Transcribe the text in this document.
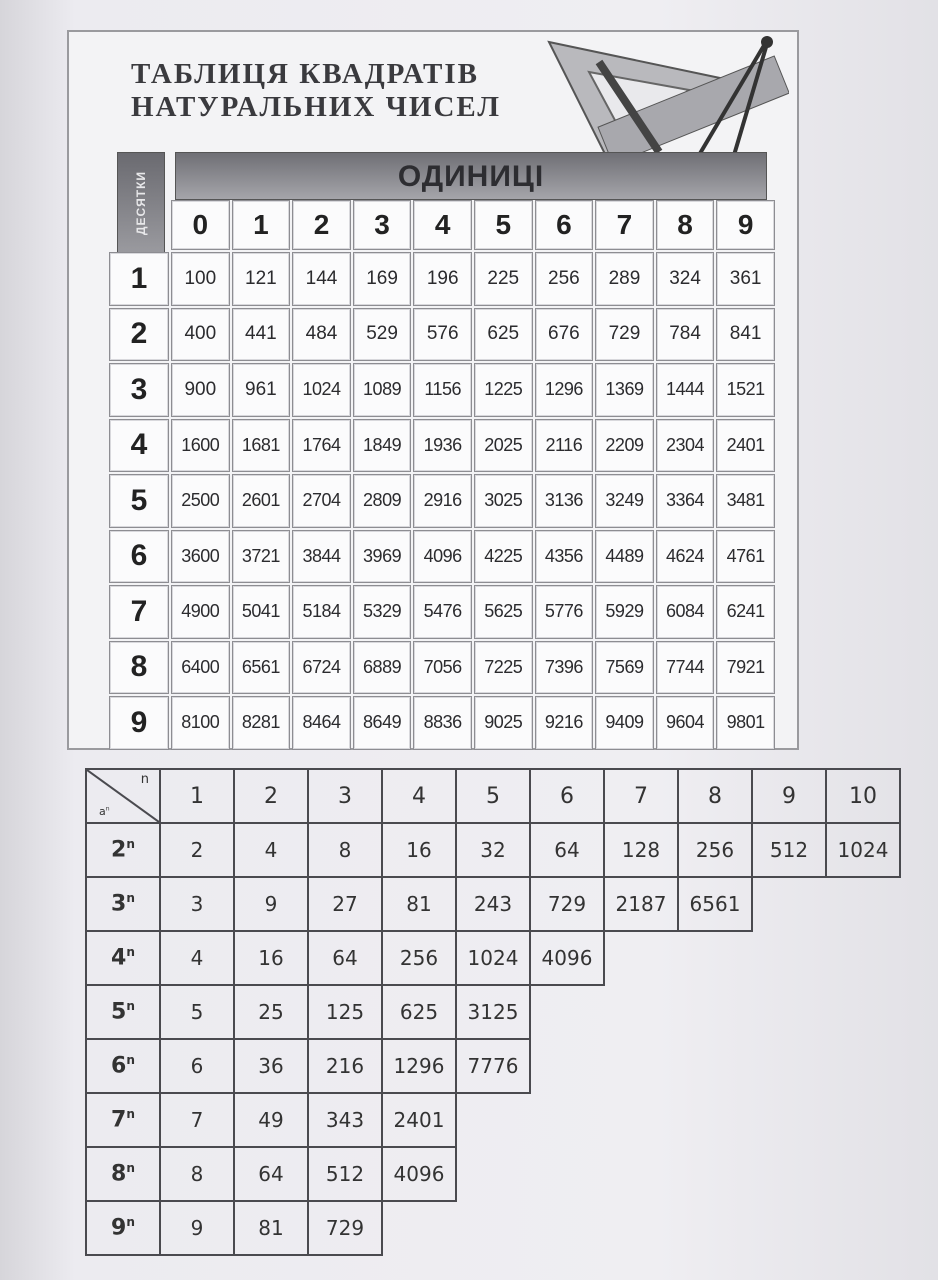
ТАБЛИЦЯ КВАДРАТІВ
НАТУРАЛЬНИХ ЧИСЕЛ
ДЕСЯТКИ	ОДИНИЦІ
0	1	2	3	4	5	6	7	8	9
1	100	121	144	169	196	225	256	289	324	361
2	400	441	484	529	576	625	676	729	784	841
3	900	961	1024	1089	1156	1225	1296	1369	1444	1521
4	1600	1681	1764	1849	1936	2025	2116	2209	2304	2401
5	2500	2601	2704	2809	2916	3025	3136	3249	3364	3481
6	3600	3721	3844	3969	4096	4225	4356	4489	4624	4761
7	4900	5041	5184	5329	5476	5625	5776	5929	6084	6241
8	6400	6561	6724	6889	7056	7225	7396	7569	7744	7921
9	8100	8281	8464	8649	8836	9025	9216	9409	9604	9801
n
$a^n$	1	2	3	4	5	6	7	8	9	10
2$^n$	2	4	8	16	32	64	128	256	512	1024
3$^n$	3	9	27	81	243	729	2187	6561		
4$^n$	4	16	64	256	1024	4096				
5$^n$	5	25	125	625	3125					
6$^n$	6	36	216	1296	7776					
7$^n$	7	49	343	2401						
8$^n$	8	64	512	4096						
9$^n$	9	81	729							
